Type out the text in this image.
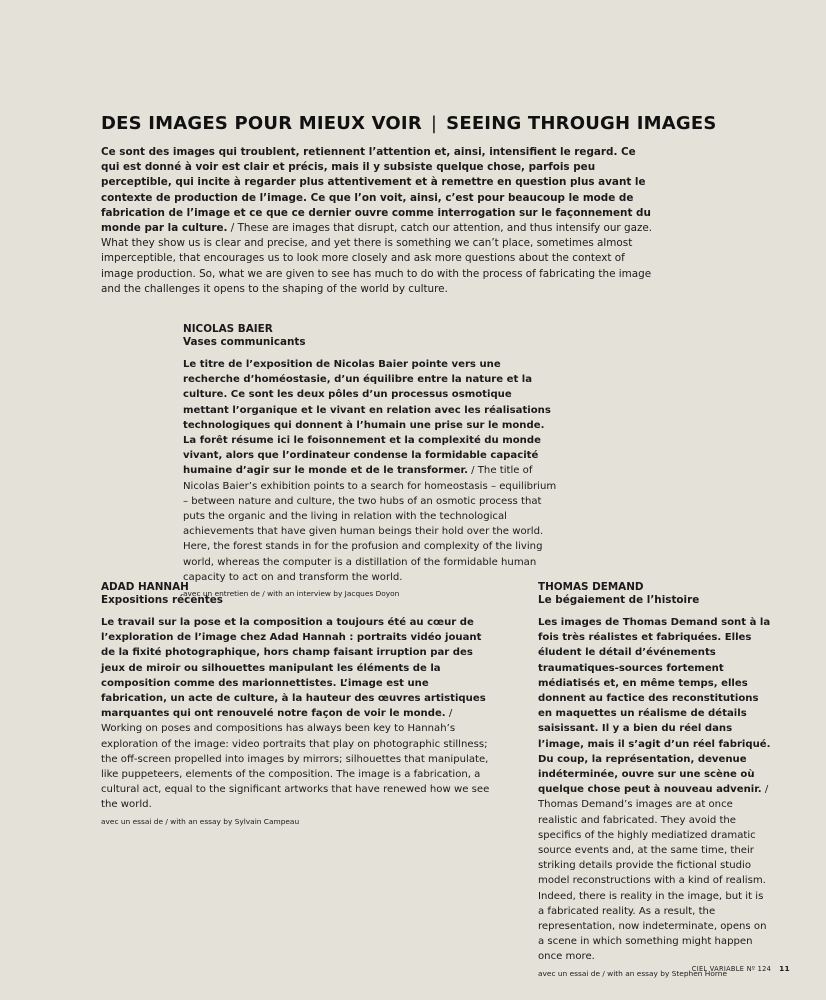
DES IMAGES POUR MIEUX VOIR | SEEING THROUGH IMAGES
Ce sont des images qui troublent, retiennent l’attention et, ainsi, intensifient le regard. Ce qui est donné à voir est clair et précis, mais il y subsiste quelque chose, parfois peu perceptible, qui incite à regarder plus attentivement et à remettre en question plus avant le contexte de production de l’image. Ce que l’on voit, ainsi, c’est pour beaucoup le mode de fabrication de l’image et ce que ce dernier ouvre comme interrogation sur le façonnement du monde par la culture. / These are images that disrupt, catch our attention, and thus intensify our gaze. What they show us is clear and precise, and yet there is something we can’t place, sometimes almost imperceptible, that encourages us to look more closely and ask more questions about the context of image production. So, what we are given to see has much to do with the process of fabricating the image and the challenges it opens to the shaping of the world by culture.
NICOLAS BAIER
Vases communicants
Le titre de l’exposition de Nicolas Baier pointe vers une recherche d’homéostasie, d’un équilibre entre la nature et la culture. Ce sont les deux pôles d’un processus osmotique mettant l’organique et le vivant en relation avec les réalisations technologiques qui donnent à l’humain une prise sur le monde. La forêt résume ici le foisonnement et la complexité du monde vivant, alors que l’ordinateur condense la formidable capacité humaine d’agir sur le monde et de le transformer. / The title of Nicolas Baier’s exhibition points to a search for homeostasis – equilibrium – between nature and culture, the two hubs of an osmotic process that puts the organic and the living in relation with the technological achievements that have given human beings their hold over the world. Here, the forest stands in for the profusion and complexity of the living world, whereas the computer is a distillation of the formidable human capacity to act on and transform the world.
avec un entretien de / with an interview by Jacques Doyon
ADAD HANNAH
Expositions récentes
Le travail sur la pose et la composition a toujours été au cœur de l’exploration de l’image chez Adad Hannah : portraits vidéo jouant de la fixité photographique, hors champ faisant irruption par des jeux de miroir ou silhouettes manipulant les éléments de la composition comme des marionnettistes. L’image est une fabrication, un acte de culture, à la hauteur des œuvres artistiques marquantes qui ont renouvelé notre façon de voir le monde. / Working on poses and compositions has always been key to Hannah’s exploration of the image: video portraits that play on photographic stillness; the off-screen propelled into images by mirrors; silhouettes that manipulate, like puppeteers, elements of the composition. The image is a fabrication, a cultural act, equal to the significant artworks that have renewed how we see the world.
avec un essai de / with an essay by Sylvain Campeau
THOMAS DEMAND
Le bégaiement de l’histoire
Les images de Thomas Demand sont à la fois très réalistes et fabriquées. Elles éludent le détail d’événements traumatiques-sources fortement médiatisés et, en même temps, elles donnent au factice des reconstitutions en maquettes un réalisme de détails saisissant. Il y a bien du réel dans l’image, mais il s’agit d’un réel fabriqué. Du coup, la représentation, devenue indéterminée, ouvre sur une scène où quelque chose peut à nouveau advenir. / Thomas Demand’s images are at once realistic and fabricated. They avoid the specifics of the highly mediatized dramatic source events and, at the same time, their striking details provide the fictional studio model reconstructions with a kind of realism. Indeed, there is reality in the image, but it is a fabricated reality. As a result, the representation, now indeterminate, opens on a scene in which something might happen once more.
avec un essai de / with an essay by Stephen Horne
CIEL VARIABLE Nº 124 11
